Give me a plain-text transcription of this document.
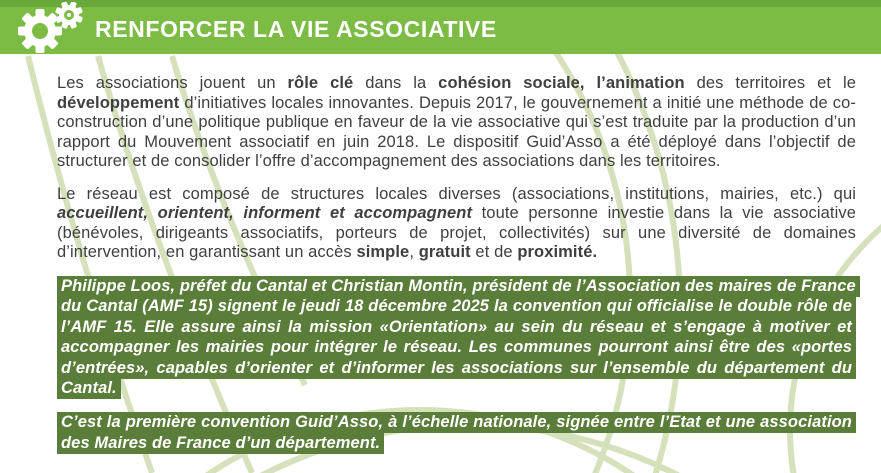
RENFORCER LA VIE ASSOCIATIVE

Les associations jouent un rôle clé dans la cohésion sociale, l’animation des territoires et le développement d’initiatives locales innovantes. Depuis 2017, le gouvernement a initié une méthode de co-construction d’une politique publique en faveur de la vie associative qui s’est traduite par la production d’un rapport du Mouvement associatif en juin 2018. Le dispositif Guid’Asso a été déployé dans l’objectif de structurer et de consolider l’offre d’accompagnement des associations dans les territoires.

Le réseau est composé de structures locales diverses (associations, institutions, mairies, etc.) qui accueillent, orientent, informent et accompagnent toute personne investie dans la vie associative (bénévoles, dirigeants associatifs, porteurs de projet, collectivités) sur une diversité de domaines d’intervention, en garantissant un accès simple, gratuit et de proximité.

Philippe Loos, préfet du Cantal et Christian Montin, président de l’Association des maires de France du Cantal (AMF 15) signent le jeudi 18 décembre 2025 la convention qui officialise le double rôle de l’AMF 15. Elle assure ainsi la mission «Orientation» au sein du réseau et s’engage à motiver et accompagner les mairies pour intégrer le réseau. Les communes pourront ainsi être des «portes d’entrées», capables d’orienter et d’informer les associations sur l’ensemble du département du Cantal.

C’est la première convention Guid’Asso, à l’échelle nationale, signée entre l’Etat et une association des Maires de France d’un département.
